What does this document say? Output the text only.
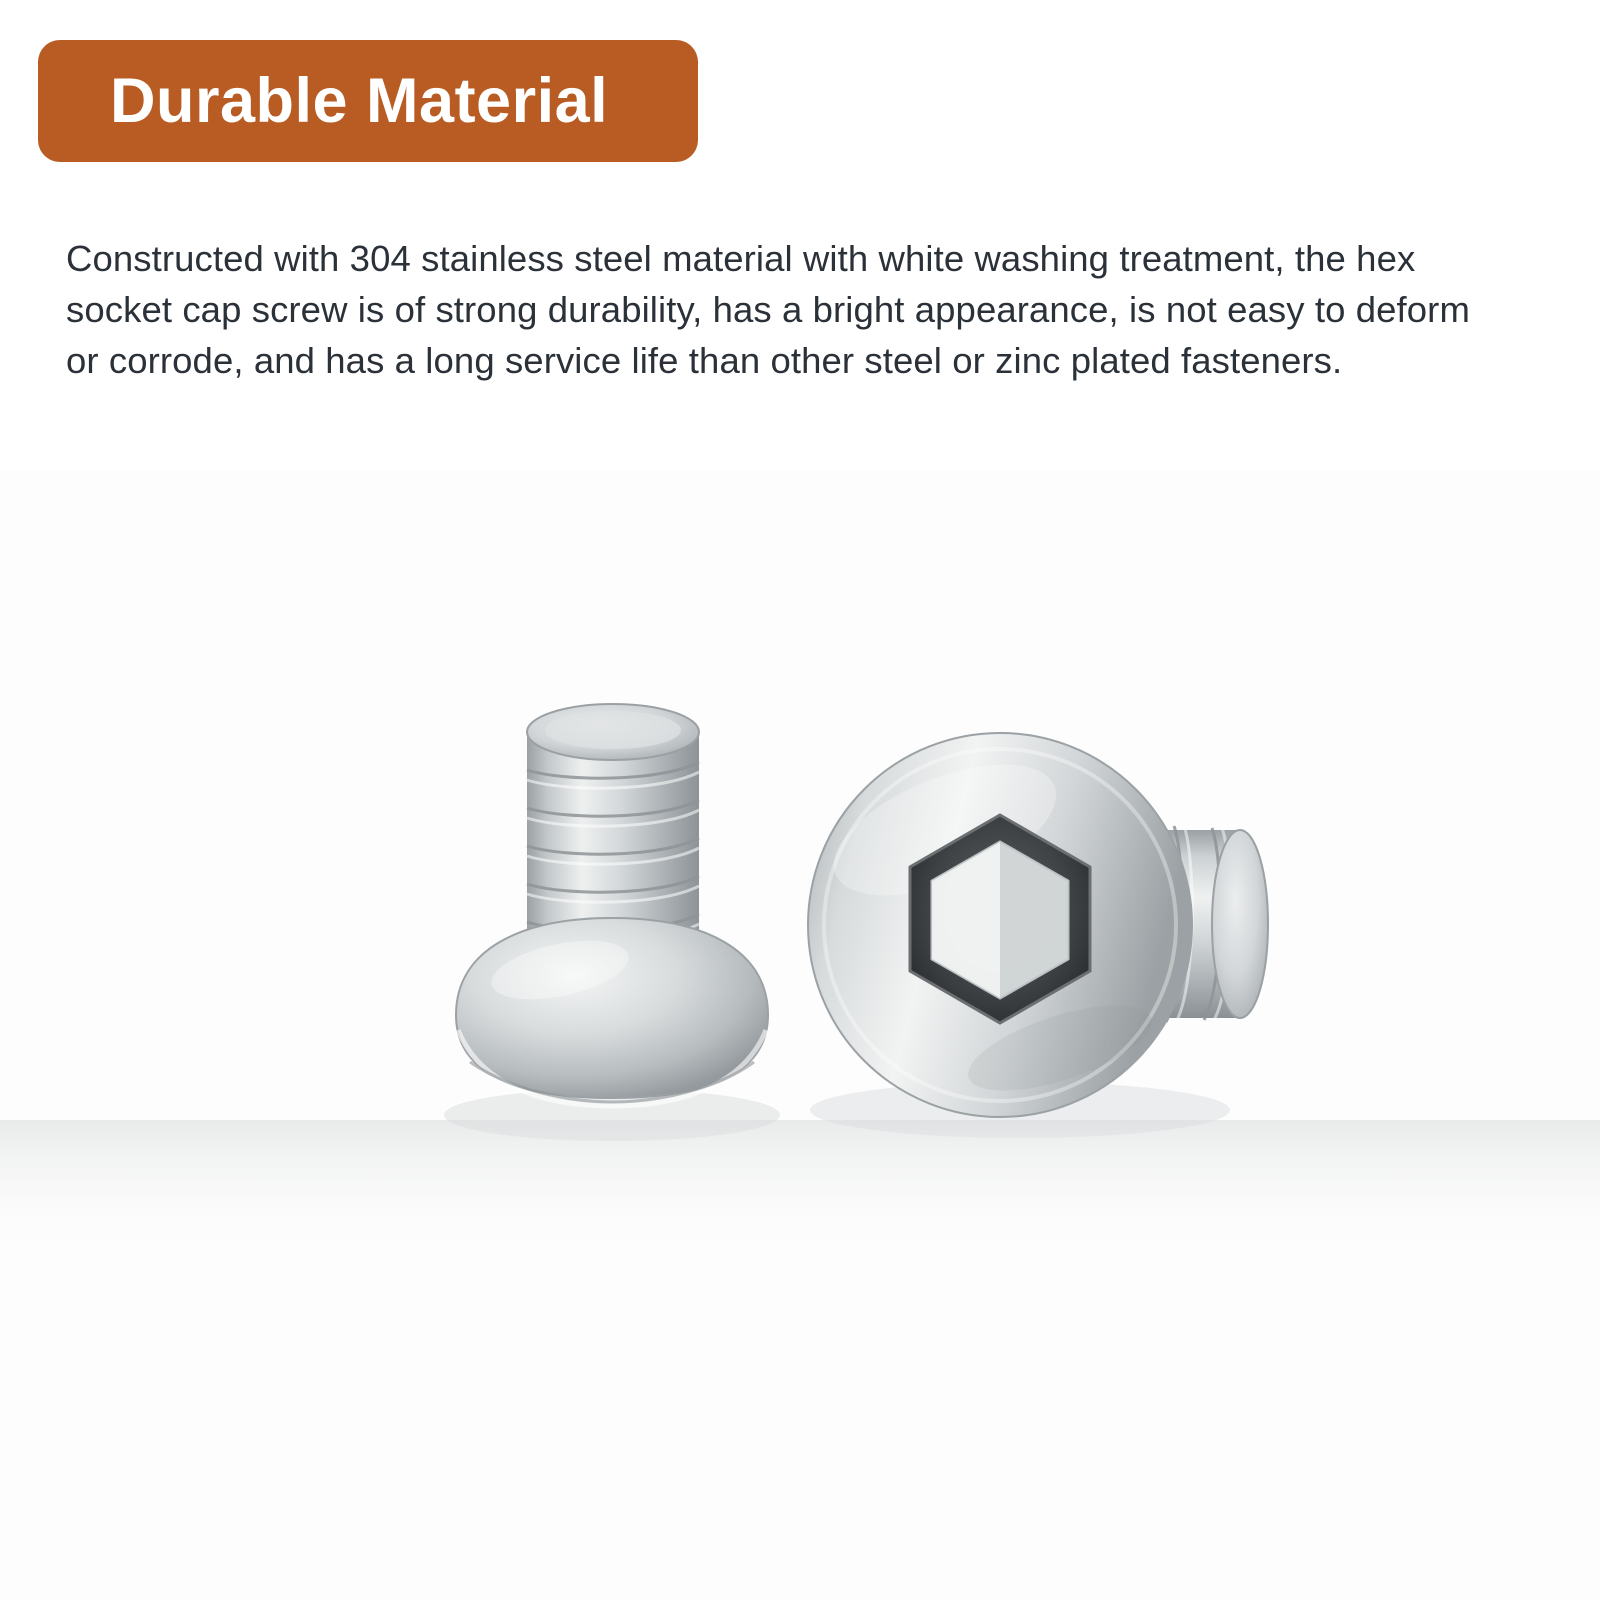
Durable Material

Constructed with 304 stainless steel material with white washing treatment, the hex socket cap screw is of strong durability, has a bright appearance, is not easy to deform or corrode, and has a long service life than other steel or zinc plated fasteners.
